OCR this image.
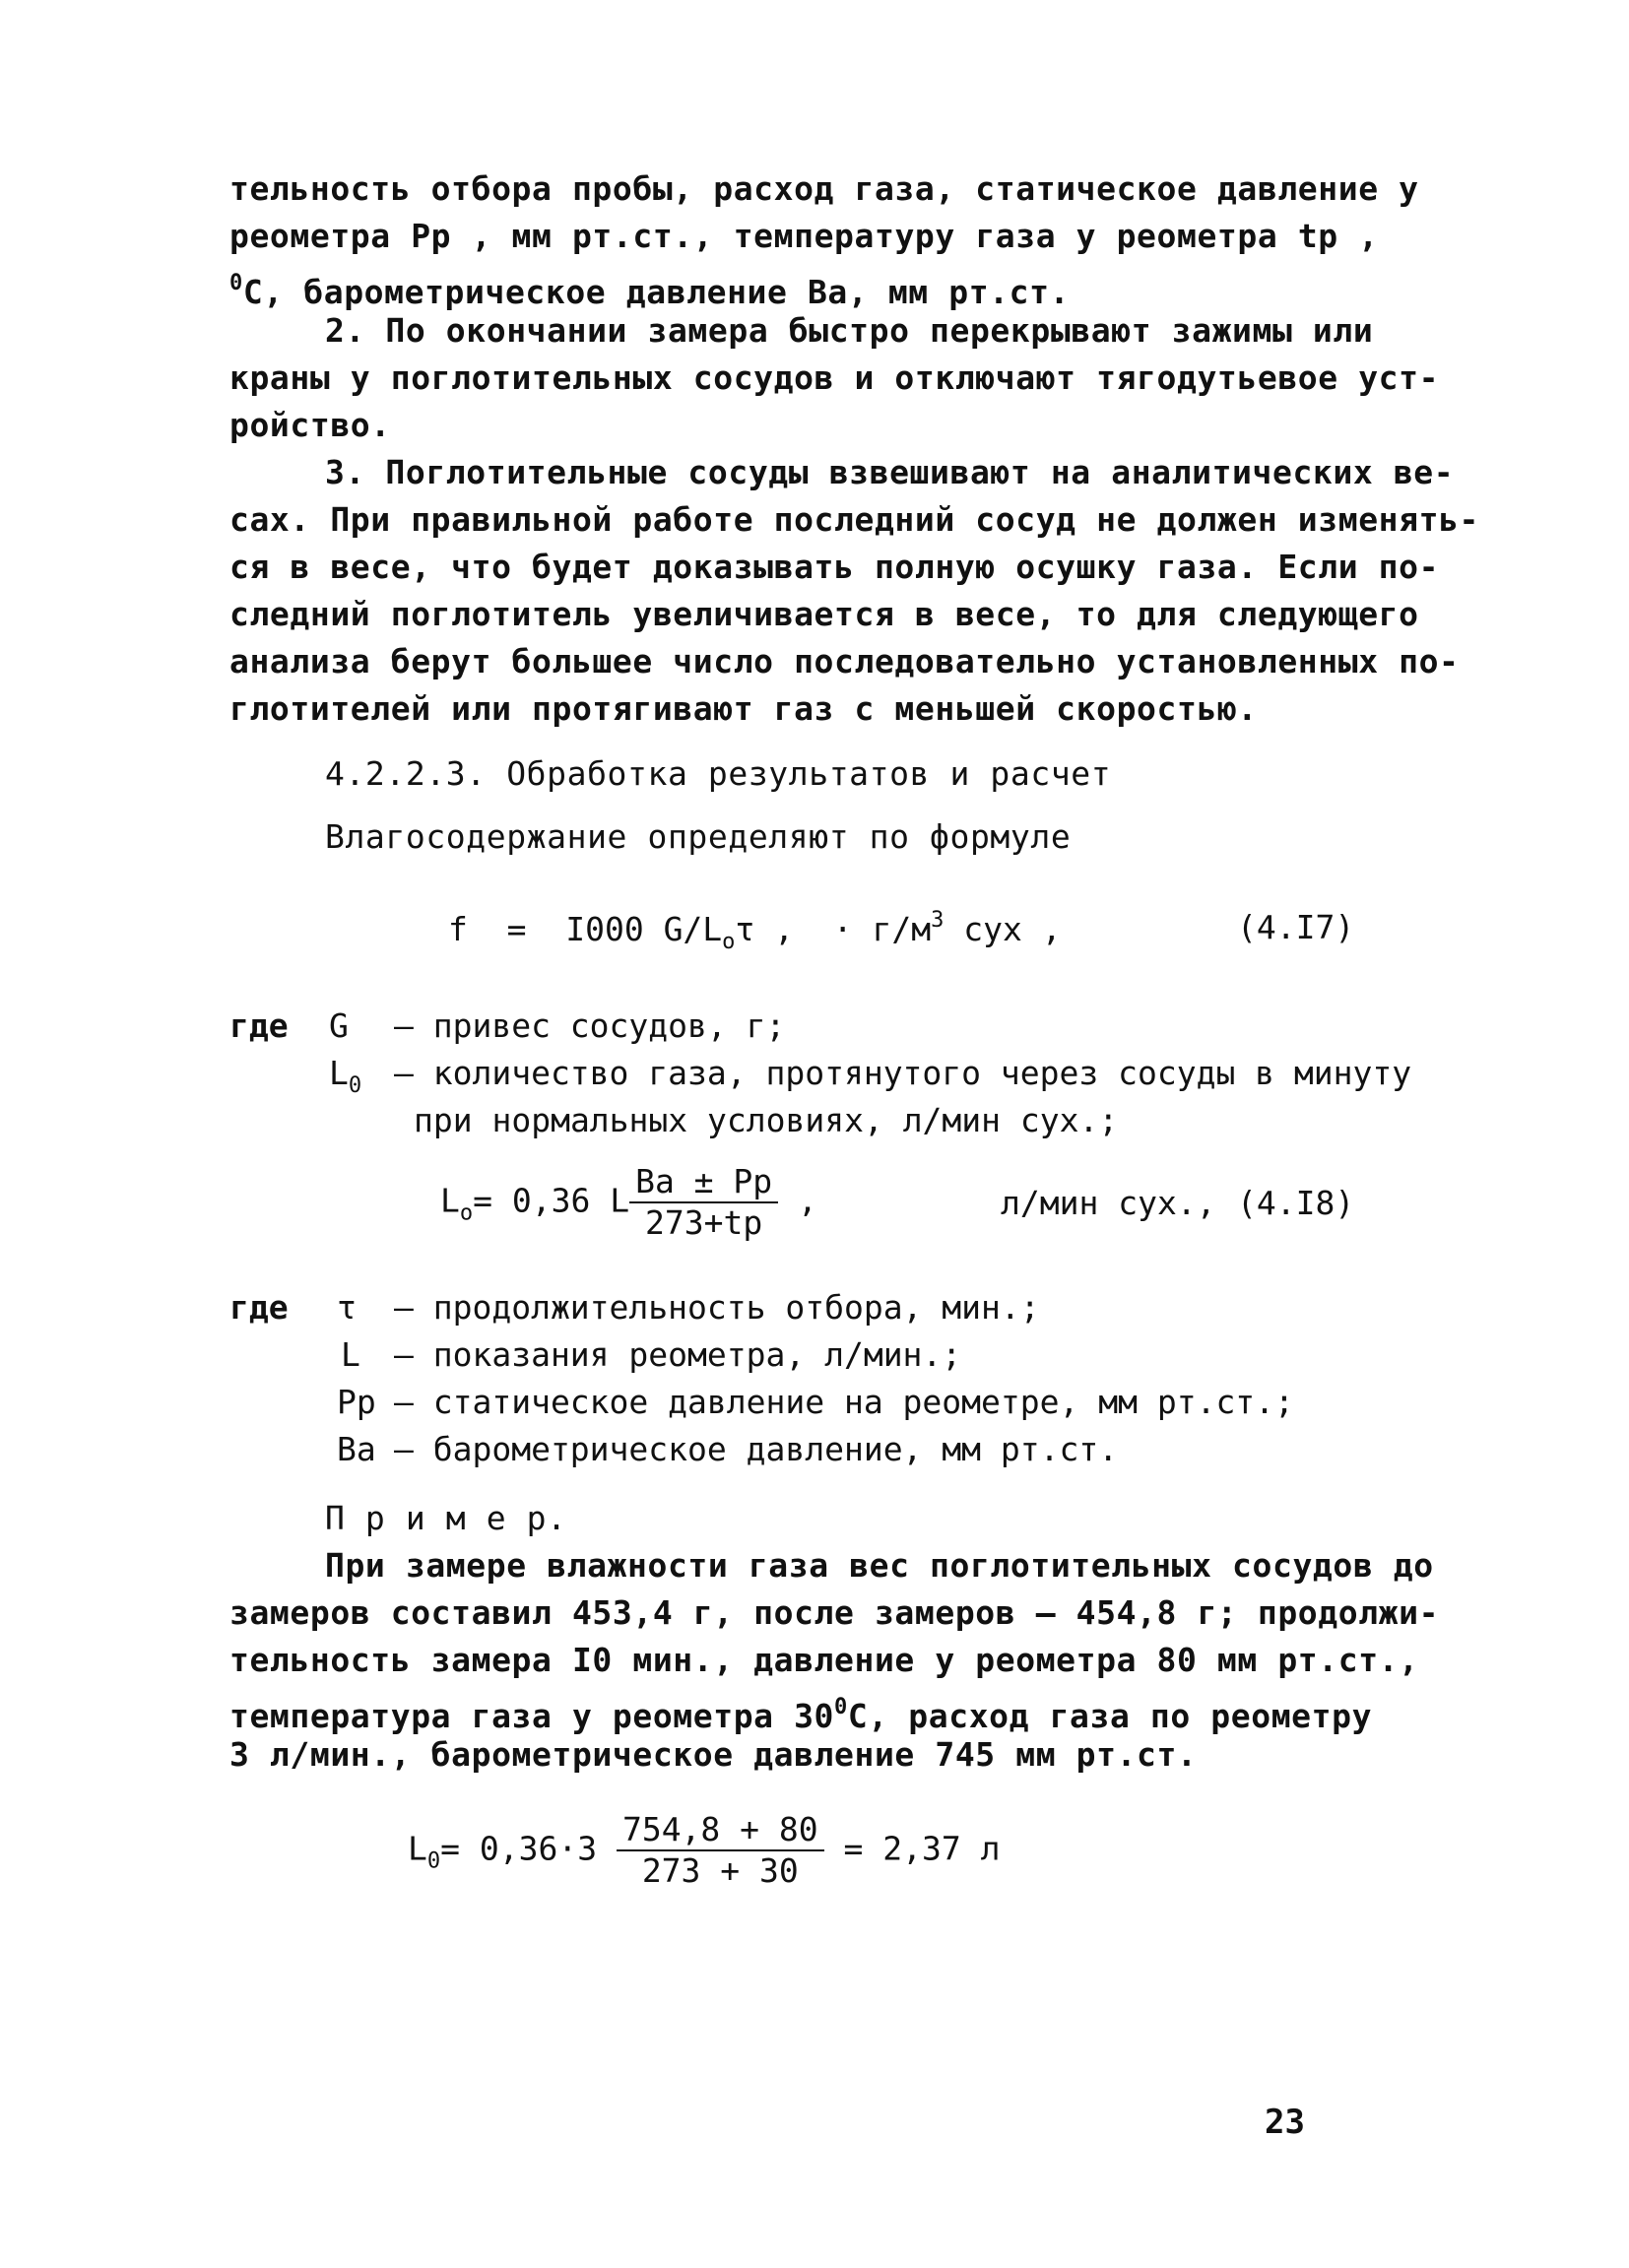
тельность отбора пробы, расход газа, статическое давление у
реометра Pp , мм рт.ст., температуру газа у реометра tp ,
$^0$С, барометрическое давление Ва, мм рт.ст.
2. По окончании замера быстро перекрывают зажимы или
краны у поглотительных сосудов и отключают тягодутьевое уст-
ройство.
3. Поглотительные сосуды взвешивают на аналитических ве-
сах. При правильной работе последний сосуд не должен изменять-
ся в весе, что будет доказывать полную осушку газа. Если по-
следний поглотитель увеличивается в весе, то для следующего
анализа берут большее число последовательно установленных по-
глотителей или протягивают газ с меньшей скоростью.
4.2.2.3. Обработка результатов и расчет
Влагосодержание определяют по формуле
f =  I000 $G/L_o\tau$ ,  · $г/м^3$ сух ,	(4.I7)
где G – привес сосудов, г;
$L_0$ – количество газа, протянутого через сосуды в минуту
при нормальных условиях, л/мин сух.;
$L_o= 0,36$ L $\frac{Ba \pm Pp}{273+tp}$ ,	л/мин сух., (4.I8)
где τ – продолжительность отбора, мин.;
L – показания реометра, л/мин.;
Pp – статическое давление на реометре, мм рт.ст.;
Ba – барометрическое давление, мм рт.ст.
П р и м е р.
При замере влажности газа вес поглотительных сосудов до
замеров составил 453,4 г, после замеров – 454,8 г; продолжи-
тельность замера I0 мин., давление у реометра 80 мм рт.ст.,
температура газа у реометра $30^0С$, расход газа по реометру
3 л/мин., барометрическое давление 745 мм рт.ст.
$L_0= 0,36\cdot 3 \frac{754,8 + 80}{273 + 30} = 2,37$ л
23
